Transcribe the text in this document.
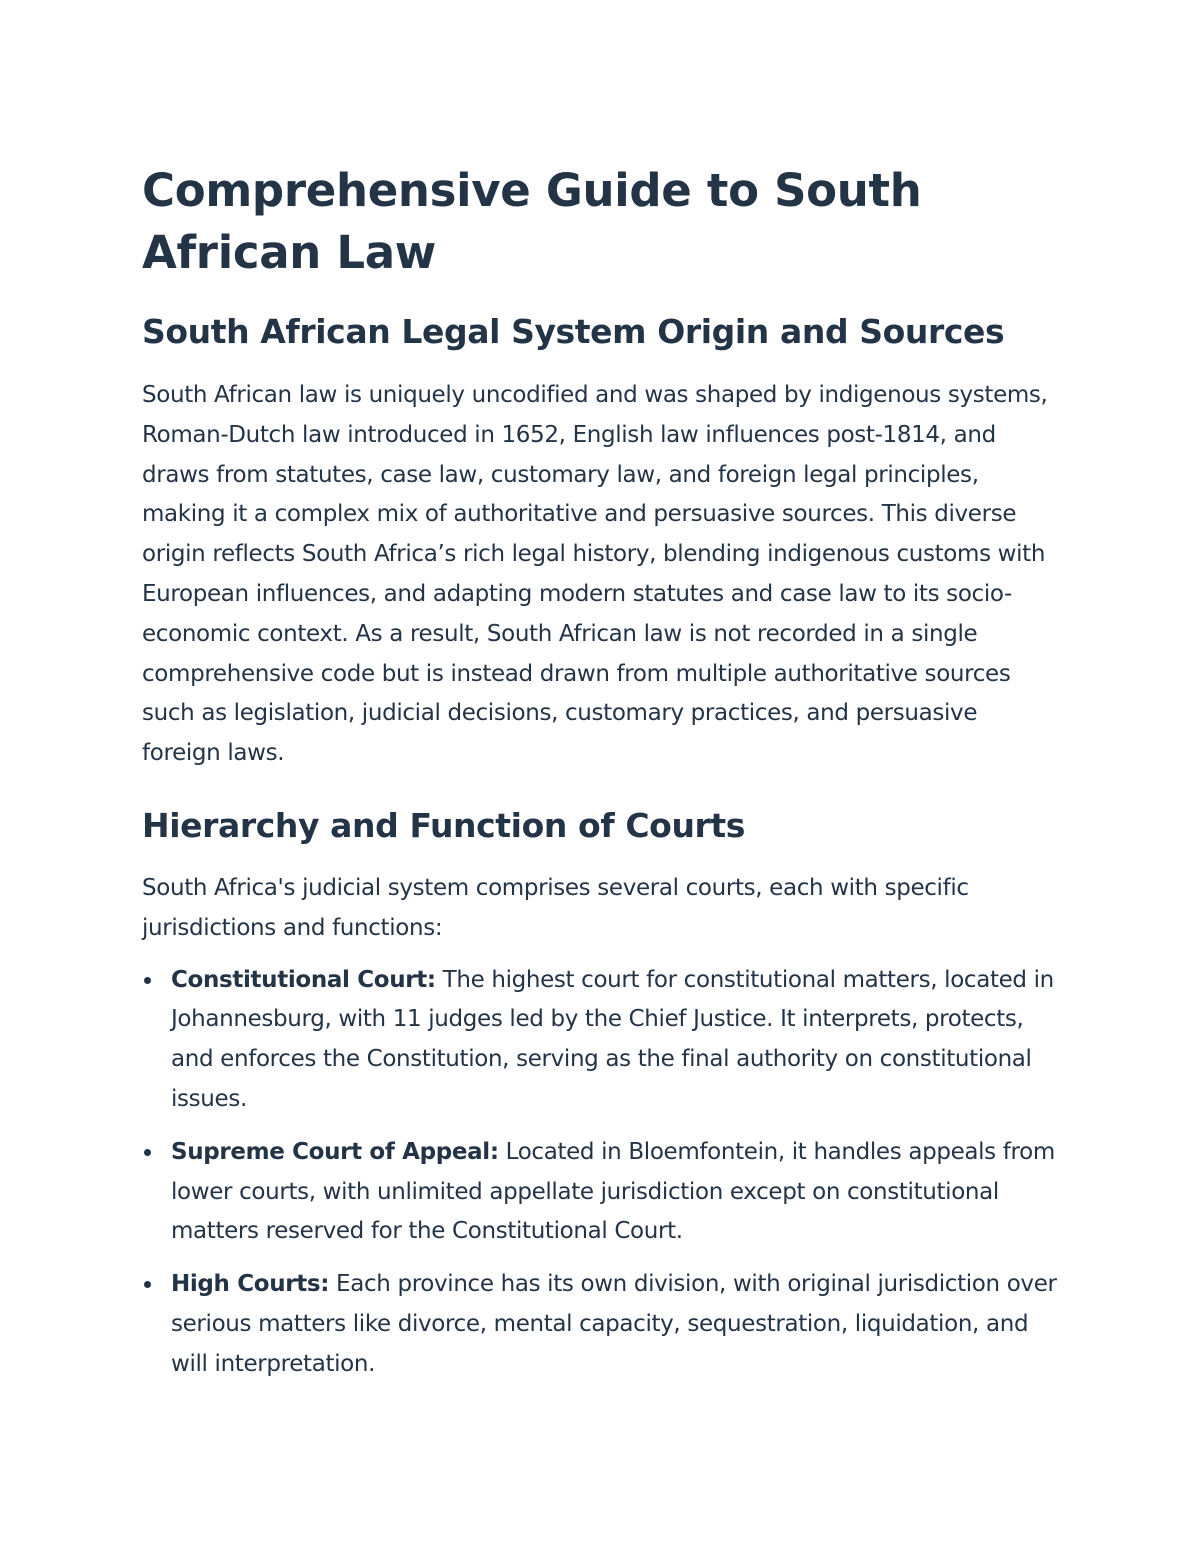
Comprehensive Guide to South African Law
South African Legal System Origin and Sources

South African law is uniquely uncodified and was shaped by indigenous systems, Roman-Dutch law introduced in 1652, English law influences post-1814, and draws from statutes, case law, customary law, and foreign legal principles, making it a complex mix of authoritative and persuasive sources. This diverse origin reflects South Africa’s rich legal history, blending indigenous customs with European influences, and adapting modern statutes and case law to its socio-economic context. As a result, South African law is not recorded in a single comprehensive code but is instead drawn from multiple authoritative sources such as legislation, judicial decisions, customary practices, and persuasive foreign laws.

Hierarchy and Function of Courts

South Africa's judicial system comprises several courts, each with specific jurisdictions and functions:

Constitutional Court: The highest court for constitutional matters, located in Johannesburg, with 11 judges led by the Chief Justice. It interprets, protects, and enforces the Constitution, serving as the final authority on constitutional issues.
Supreme Court of Appeal: Located in Bloemfontein, it handles appeals from lower courts, with unlimited appellate jurisdiction except on constitutional matters reserved for the Constitutional Court.
High Courts: Each province has its own division, with original jurisdiction over serious matters like divorce, mental capacity, sequestration, liquidation, and will interpretation.
